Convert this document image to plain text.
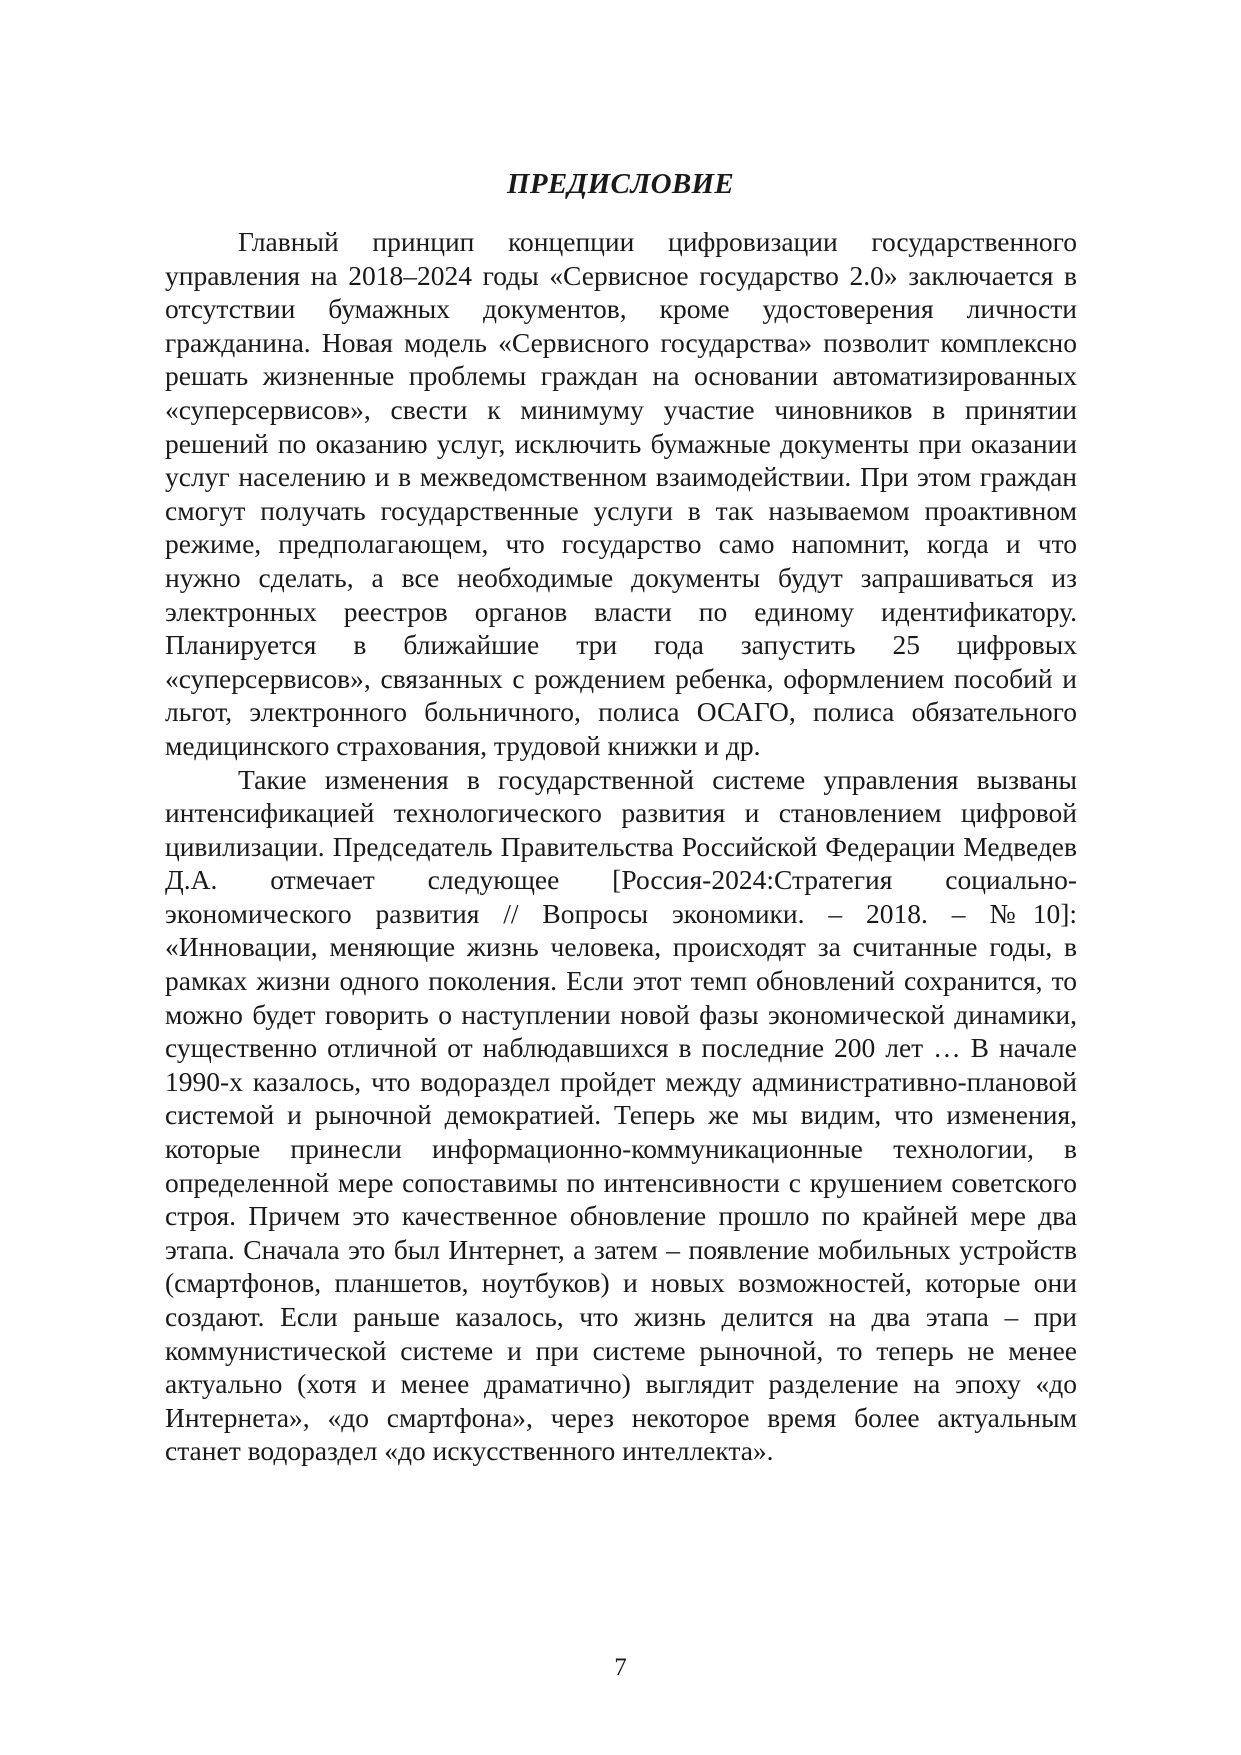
ПРЕДИСЛОВИЕ

Главный принцип концепции цифровизации государственного управления на 2018–2024 годы «Сервисное государство 2.0» заключается в отсутствии бумажных документов, кроме удостоверения личности гражданина. Новая модель «Сервисного государства» позволит комплексно решать жизненные проблемы граждан на основании автоматизированных «суперсервисов», свести к минимуму участие чиновников в принятии решений по оказанию услуг, исключить бумажные документы при оказании услуг населению и в межведомственном взаимодействии. При этом граждан смогут получать государственные услуги в так называемом проактивном режиме, предполагающем, что государство само напомнит, когда и что нужно сделать, а все необходимые документы будут запрашиваться из электронных реестров органов власти по единому идентификатору. Планируется в ближайшие три года запустить 25 цифровых «суперсервисов», связанных с рождением ребенка, оформлением пособий и льгот, электронного больничного, полиса ОСАГО, полиса обязательного медицинского страхования, трудовой книжки и др.

Такие изменения в государственной системе управления вызваны интенсификацией технологического развития и становлением цифровой цивилизации. Председатель Правительства Российской Федерации Медведев Д.А. отмечает следующее [Россия-2024:Стратегия социально-экономического развития // Вопросы экономики. – 2018. – №10]: «Инновации, меняющие жизнь человека, происходят за считанные годы, в рамках жизни одного поколения. Если этот темп обновлений сохранится, то можно будет говорить о наступлении новой фазы экономической динамики, существенно отличной от наблюдавшихся в последние 200 лет … В начале 1990-х казалось, что водораздел пройдет между административно-плановой системой и рыночной демократией. Теперь же мы видим, что изменения, которые принесли информационно-коммуникационные технологии, в определенной мере сопоставимы по интенсивности с крушением советского строя. Причем это качественное обновление прошло по крайней мере два этапа. Сначала это был Интернет, а затем – появление мобильных устройств (смартфонов, планшетов, ноутбуков) и новых возможностей, которые они создают. Если раньше казалось, что жизнь делится на два этапа – при коммунистической системе и при системе рыночной, то теперь не менее актуально (хотя и менее драматично) выглядит разделение на эпоху «до Интернета», «до смартфона», через некоторое время более актуальным станет водораздел «до искусственного интеллекта».

7
